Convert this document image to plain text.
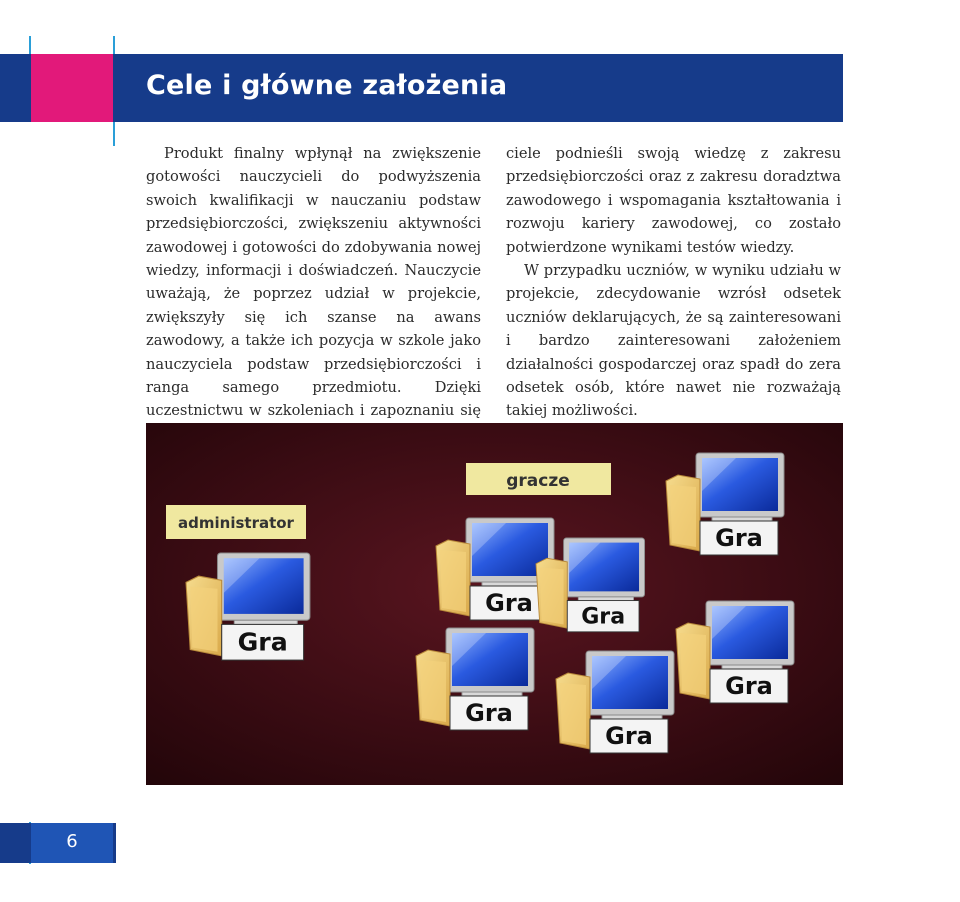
Cele i główne założenia

Produkt finalny wpłynął na zwiększenie gotowości nauczycieli do podwyższenia swoich kwalifikacji w nauczaniu podstaw przedsiębiorczości, zwiększeniu aktywności zawodowej i gotowości do zdobywania nowej wiedzy, informacji i doświadczeń. Nauczycie uważają, że poprzez udział w projekcie, zwiększyły się ich szanse na awans zawodowy, a także ich pozycja w szkole jako nauczyciela podstaw przedsiębiorczości i ranga samego przedmiotu. Dzięki uczestnictwu w szkoleniach i zapoznaniu się

ciele podnieśli swoją wiedzę z zakresu przedsiębiorczości oraz z zakresu doradztwa zawodowego i wspomagania kształtowania i rozwoju kariery zawodowej, co zostało potwierdzone wynikami testów wiedzy.

W przypadku uczniów, w wyniku udziału w projekcie, zdecydowanie wzrósł odsetek uczniów deklarujących, że są zainteresowani i bardzo zainteresowani założeniem działalności gospodarczej oraz spadł do zera odsetek osób, które nawet nie rozważają takiej możliwości.

administrator
gracze
6
